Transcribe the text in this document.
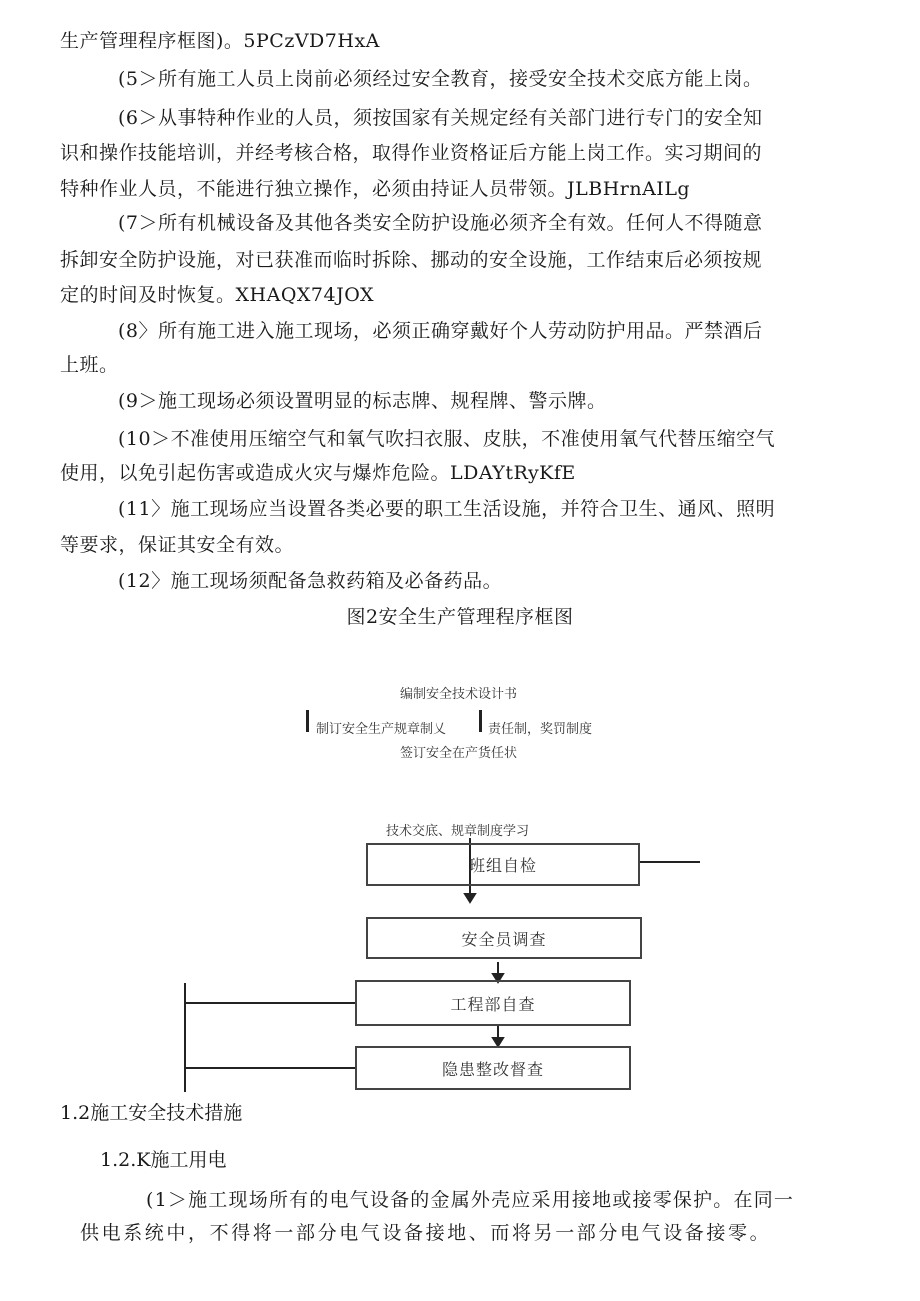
生产管理程序框图)。5PCzVD7HxA
(5＞所有施工人员上岗前必须经过安全教育，接受安全技术交底方能上岗。
(6＞从事特种作业的人员，须按国家有关规定经有关部门进行专门的安全知
识和操作技能培训，并经考核合格，取得作业资格证后方能上岗工作。实习期间的
特种作业人员，不能进行独立操作，必须由持证人员带领。JLBHrnAILg
(7＞所有机械设备及其他各类安全防护设施必须齐全有效。任何人不得随意
拆卸安全防护设施，对已获准而临时拆除、挪动的安全设施，工作结束后必须按规
定的时间及时恢复。XHAQX74JOX
(8〉所有施工进入施工现场，必须正确穿戴好个人劳动防护用品。严禁酒后
上班。
(9＞施工现场必须设置明显的标志牌、规程牌、警示牌。
(10＞不准使用压缩空气和氧气吹扫衣服、皮肤，不准使用氧气代替压缩空气
使用，以免引起伤害或造成火灾与爆炸危险。LDAYtRyKfE
(11〉施工现场应当设置各类必要的职工生活设施，并符合卫生、通风、照明
等要求，保证其安全有效。
(12〉施工现场须配备急救药箱及必备药品。
图2安全生产管理程序框图
编制安全技术设计书
制订安全生产规章制乂	责任制，奖罚制度
签订安全在产货任状
技术交底、规章制度学习
班组自检
安全员调查
工程部自查
隐患整改督查
1.2施工安全技术措施
1.2.K施工用电
(1＞施工现场所有的电气设备的金属外壳应采用接地或接零保护。在同一
供电系统中，不得将一部分电气设备接地、而将另一部分电气设备接零。
